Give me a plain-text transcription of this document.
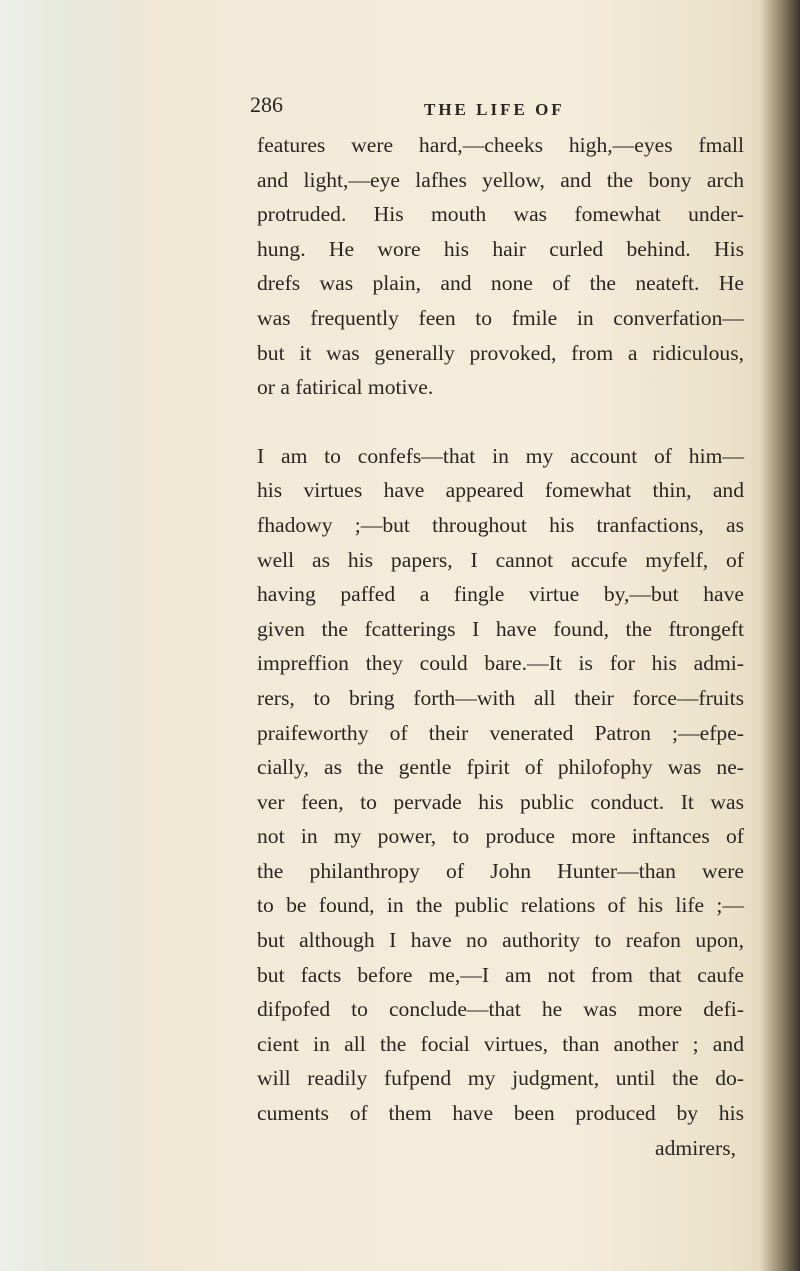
286	THE LIFE OF
features were hard,—cheeks high,—eyes fmall
and light,—eye lafhes yellow, and the bony arch
protruded. His mouth was fomewhat under-
hung. He wore his hair curled behind. His
drefs was plain, and none of the neateft. He
was frequently feen to fmile in converfation—
but it was generally provoked, from a ridiculous,
or a fatirical motive.
I am to confefs—that in my account of him—
his virtues have appeared fomewhat thin, and
fhadowy ;—but throughout his tranfactions, as
well as his papers, I cannot accufe myfelf, of
having paffed a fingle virtue by,—but have
given the fcatterings I have found, the ftrongeft
impreffion they could bare.—It is for his admi-
rers, to bring forth—with all their force—fruits
praifeworthy of their venerated Patron ;—efpe-
cially, as the gentle fpirit of philofophy was ne-
ver feen, to pervade his public conduct. It was
not in my power, to produce more inftances of
the philanthropy of John Hunter—than were
to be found, in the public relations of his life ;—
but although I have no authority to reafon upon,
but facts before me,—I am not from that caufe
difpofed to conclude—that he was more defi-
cient in all the focial virtues, than another ; and
will readily fufpend my judgment, until the do-
cuments of them have been produced by his
admirers,
